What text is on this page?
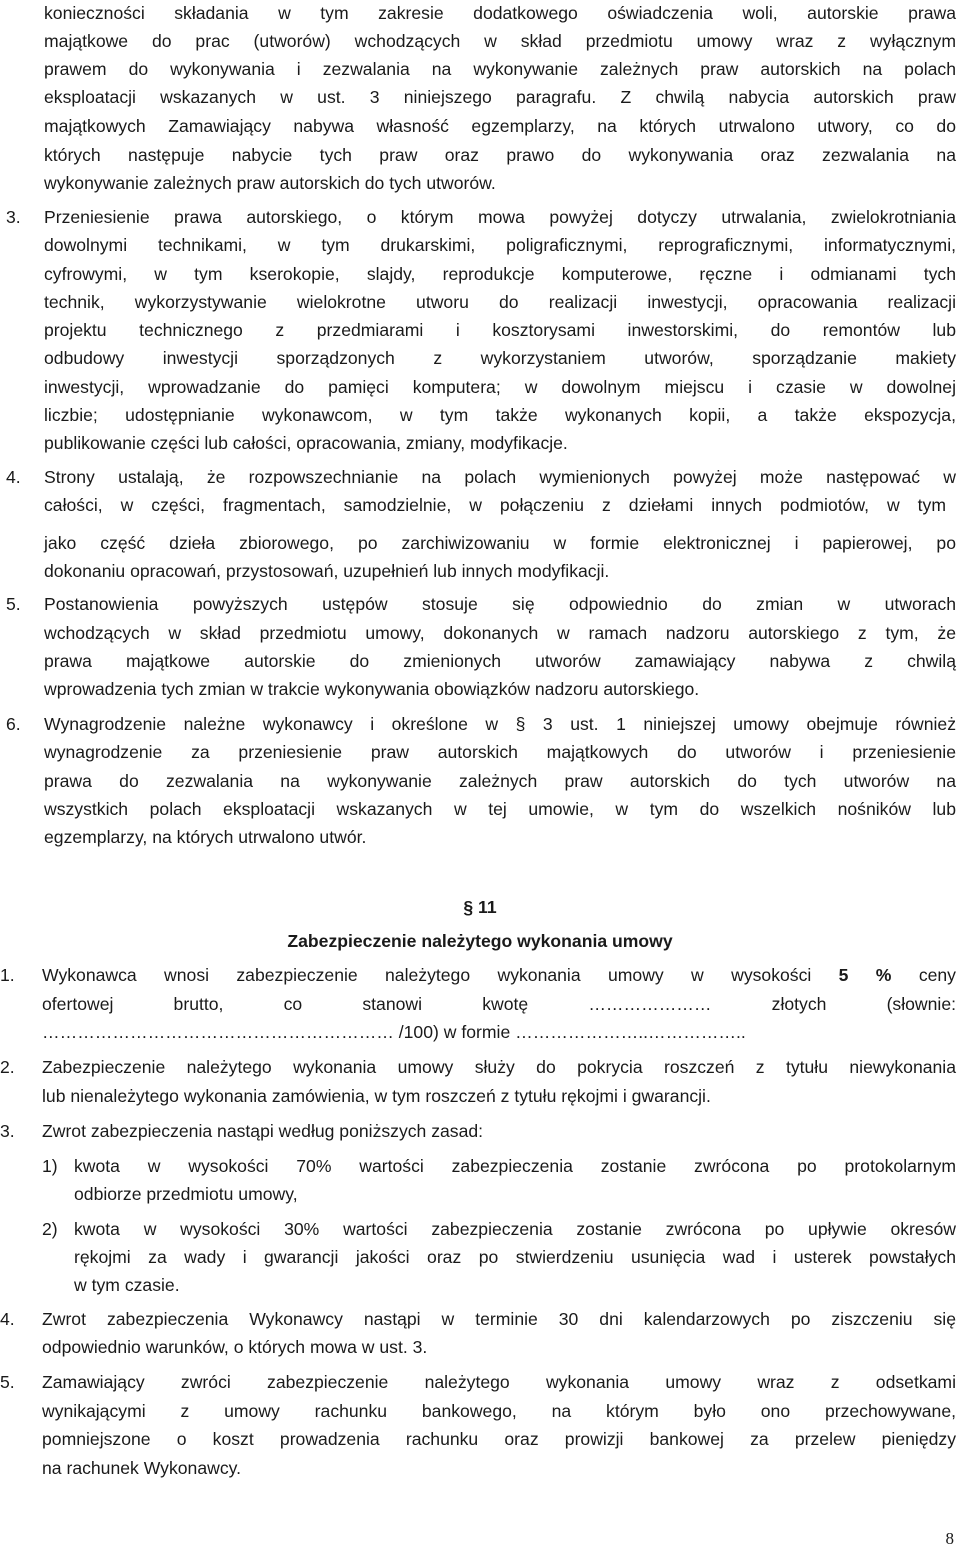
konieczności składania w tym zakresie dodatkowego oświadczenia woli, autorskie prawa
majątkowe do prac (utworów) wchodzących w skład przedmiotu umowy wraz z wyłącznym
prawem do wykonywania i zezwalania na wykonywanie zależnych praw autorskich na polach
eksploatacji wskazanych w ust. 3 niniejszego paragrafu. Z chwilą nabycia autorskich praw
majątkowych Zamawiający nabywa własność egzemplarzy, na których utrwalono utwory, co do
których następuje nabycie tych praw oraz prawo do wykonywania oraz zezwalania na
wykonywanie zależnych praw autorskich do tych utworów.
3. Przeniesienie prawa autorskiego, o którym mowa powyżej dotyczy utrwalania, zwielokrotniania
dowolnymi technikami, w tym drukarskimi, poligraficznymi, reprograficznymi, informatycznymi,
cyfrowymi, w tym kserokopie, slajdy, reprodukcje komputerowe, ręczne i odmianami tych
technik, wykorzystywanie wielokrotne utworu do realizacji inwestycji, opracowania realizacji
projektu technicznego z przedmiarami i kosztorysami inwestorskimi, do remontów lub
odbudowy inwestycji sporządzonych z wykorzystaniem utworów, sporządzanie makiety
inwestycji, wprowadzanie do pamięci komputera; w dowolnym miejscu i czasie w dowolnej
liczbie; udostępnianie wykonawcom, w tym także wykonanych kopii, a także ekspozycja,
publikowanie części lub całości, opracowania, zmiany, modyfikacje.
4. Strony ustalają, że rozpowszechnianie na polach wymienionych powyżej może następować w
całości, w części, fragmentach, samodzielnie, w połączeniu z dziełami innych podmiotów, w tym
jako część dzieła zbiorowego, po zarchiwizowaniu w formie elektronicznej i papierowej, po
dokonaniu opracowań, przystosowań, uzupełnień lub innych modyfikacji.
5. Postanowienia powyższych ustępów stosuje się odpowiednio do zmian w utworach
wchodzących w skład przedmiotu umowy, dokonanych w ramach nadzoru autorskiego z tym, że
prawa majątkowe autorskie do zmienionych utworów zamawiający nabywa z chwilą
wprowadzenia tych zmian w trakcie wykonywania obowiązków nadzoru autorskiego.
6. Wynagrodzenie należne wykonawcy i określone w § 3 ust. 1 niniejszej umowy obejmuje również
wynagrodzenie za przeniesienie praw autorskich majątkowych do utworów i przeniesienie
prawa do zezwalania na wykonywanie zależnych praw autorskich do tych utworów na
wszystkich polach eksploatacji wskazanych w tej umowie, w tym do wszelkich nośników lub
egzemplarzy, na których utrwalono utwór.
§ 11
Zabezpieczenie należytego wykonania umowy
1. Wykonawca wnosi zabezpieczenie należytego wykonania umowy w wysokości 5 % ceny
ofertowej brutto, co stanowi kwotę ………………… złotych (słownie:
…………………………………………………… /100) w formie …………………..……………..
2. Zabezpieczenie należytego wykonania umowy służy do pokrycia roszczeń z tytułu niewykonania
lub nienależytego wykonania zamówienia, w tym roszczeń z tytułu rękojmi i gwarancji.
3. Zwrot zabezpieczenia nastąpi według poniższych zasad:
1) kwota w wysokości 70% wartości zabezpieczenia zostanie zwrócona po protokolarnym
odbiorze przedmiotu umowy,
2) kwota w wysokości 30% wartości zabezpieczenia zostanie zwrócona po upływie okresów
rękojmi za wady i gwarancji jakości oraz po stwierdzeniu usunięcia wad i usterek powstałych
w tym czasie.
4. Zwrot zabezpieczenia Wykonawcy nastąpi w terminie 30 dni kalendarzowych po ziszczeniu się
odpowiednio warunków, o których mowa w ust. 3.
5. Zamawiający zwróci zabezpieczenie należytego wykonania umowy wraz z odsetkami
wynikającymi z umowy rachunku bankowego, na którym było ono przechowywane,
pomniejszone o koszt prowadzenia rachunku oraz prowizji bankowej za przelew pieniędzy
na rachunek Wykonawcy.
8
